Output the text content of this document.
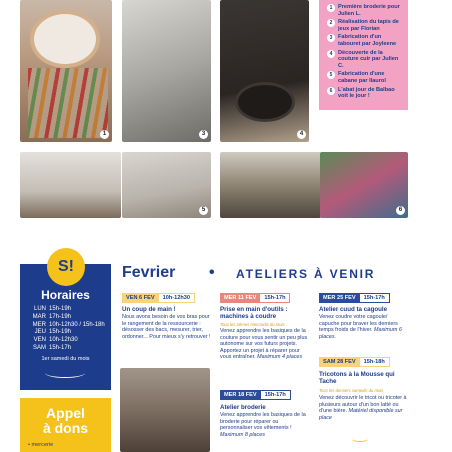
1	3	4
1	Première broderie pour Julien L.
2	Réalisation du tapis de jeux par Florian
3	Fabrication d'un tabouret par Joyleene
4	Découverte de la couture cuir par Julien C.
5	Fabrication d'une cabane par Ilaurol
6	L'abat jour de Balbao voit le jour !
5	6
S!
Horaires
LUN 15h-19h
MAR 17h-19h
MER 10h-12h30 / 15h-18h
JEU 15h-19h
VEN 10h-12h30
SAM 15h-17h
1er samedi du mois
Appel
à dons
• mercerie
Fevrier • ATELIERS À VENIR
VEN 6 FEV	10h-12h30
Un coup de main !
Nous avons besoin de vos bras pour le rangement de la ressourcerie : désosser des bacs, mesurer, trier, ordonner... Pour mieux s'y retrouver !
MER 11 FEV	15h-17h
Prise en main d'outils : machines à coudre
Tous les 2èmes mercredis du mois
Venez apprendre les basiques de la couture pour vous sentir un peu plus autonome sur vos futurs projets. Apportez un projet à réparer pour vous entraîner. Maximum 4 places
MER 18 FEV	15h-17h
Atelier broderie
Venez apprendre les basiques de la broderie pour réparer ou personnaliser vos vêtements ! Maximum 8 places
MER 25 FEV	15h-17h
Atelier cuud ta cagoule
Venez coudre votre cagoule/ capuche pour braver les derniers temps froids de l'hiver. Maximum 6 places.
SAM 28 FEV	15h-18h
Tricotons à la Mousse qui Tache
Tous les derniers samedis du mois
Venez découvrir le tricot ou tricoter à plusieurs autour d'un bon latté ou d'une bière. Matériel disponible sur place
